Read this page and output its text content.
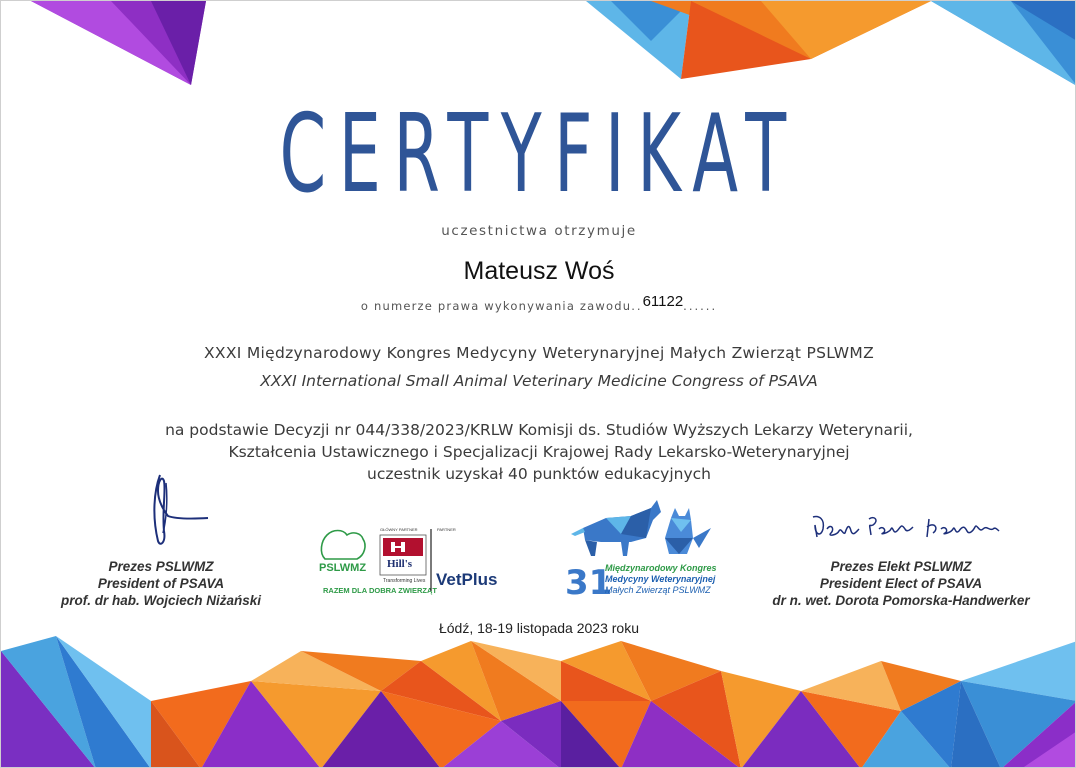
CERTYFIKAT
uczestnictwa otrzymuje
Mateusz Woś
o numerze prawa wykonywania zawodu..61122......
XXXI Międzynarodowy Kongres Medycyny Weterynaryjnej Małych Zwierząt PSLWMZ
XXXI International Small Animal Veterinary Medicine Congress of PSAVA
na podstawie Decyzji nr 044/338/2023/KRLW Komisji ds. Studiów Wyższych Lekarzy Weterynarii,
Kształcenia Ustawicznego i Specjalizacji Krajowej Rady Lekarsko-Weterynaryjnej
uczestnik uzyskał 40 punktów edukacyjnych
Prezes PSLWMZ
President of PSAVA
prof. dr hab. Wojciech Niżański
Prezes Elekt PSLWMZ
President Elect of PSAVA
dr n. wet. Dorota Pomorska-Handwerker
PSLWMZ
RAZEM DLA DOBRA ZWIERZĄT
GŁÓWNY PARTNER
Hill's
Transforming Lives
PARTNER
VetPlus 31
Międzynarodowy Kongres
Medycyny Weterynaryjnej
Małych Zwierząt PSLWMZ
Łódź, 18-19 listopada 2023 roku
